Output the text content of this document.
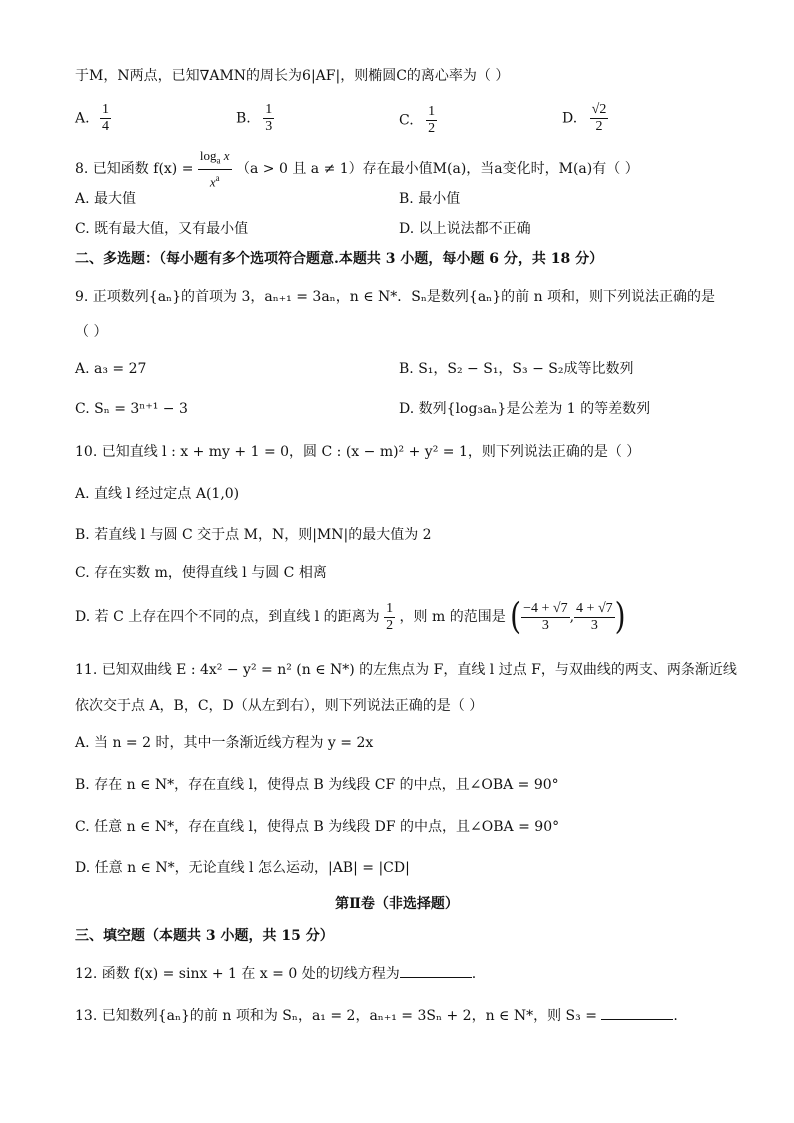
于M，N两点，已知∇AMN的周长为6|AF|，则椭圆C的离心率为（ ）
A. $\frac{1}{4}$	B. $\frac{1}{3}$	C. $\frac{1}{2}$	D. $\frac{√2}{2}$
8. 已知函数 $f(x) = \frac{\log_a x}{x^a} (a > 0$ 且 a ≠ 1）存在最小值M(a)，当a变化时，M(a)有（ ）
A. 最大值	B. 最小值
C. 既有最大值，又有最小值	D. 以上说法都不正确
二、多选题：（每小题有多个选项符合题意.本题共 3 小题，每小题 6 分，共 18 分）
9. 正项数列{aₙ}的首项为 3，aₙ₊₁ = 3aₙ，n ∈ N*．Sₙ是数列{aₙ}的前 n 项和，则下列说法正确的是
（ ）
A. a₃ = 27	B. S₁，S₂ − S₁，S₃ − S₂成等比数列
C. Sₙ = 3ⁿ⁺¹ − 3	D. 数列{log₃aₙ}是公差为 1 的等差数列
10. 已知直线 l : x + my + 1 = 0，圆 C : (x − m)² + y² = 1，则下列说法正确的是（ ）
A. 直线 l 经过定点 A(1,0)
B. 若直线 l 与圆 C 交于点 M，N，则|MN|的最大值为 2
C. 存在实数 m，使得直线 l 与圆 C 相离
D. 若 C 上存在四个不同的点，到直线 l 的距离为 $\frac{1}{2}$ ，则 m 的范围是 ( $\frac{-4 + √7}{3}$ , $\frac{4 + √7}{3}$ )
11. 已知双曲线 E : 4x² − y² = n² (n ∈ N*) 的左焦点为 F，直线 l 过点 F，与双曲线的两支、两条渐近线
依次交于点 A，B，C，D（从左到右），则下列说法正确的是（ ）
A. 当 n = 2 时，其中一条渐近线方程为 y = 2x
B. 存在 n ∈ N*，存在直线 l，使得点 B 为线段 CF 的中点，且∠OBA = 90°
C. 任意 n ∈ N*，存在直线 l，使得点 B 为线段 DF 的中点，且∠OBA = 90°
D. 任意 n ∈ N*，无论直线 l 怎么运动，|AB| = |CD|
第Ⅱ卷（非选择题）
三、填空题（本题共 3 小题，共 15 分）
12. 函数 f(x) = sinx + 1 在 x = 0 处的切线方程为	.
13. 已知数列{aₙ}的前 n 项和为 Sₙ，a₁ = 2，aₙ₊₁ = 3Sₙ + 2，n ∈ N*，则 S₃ =	.
